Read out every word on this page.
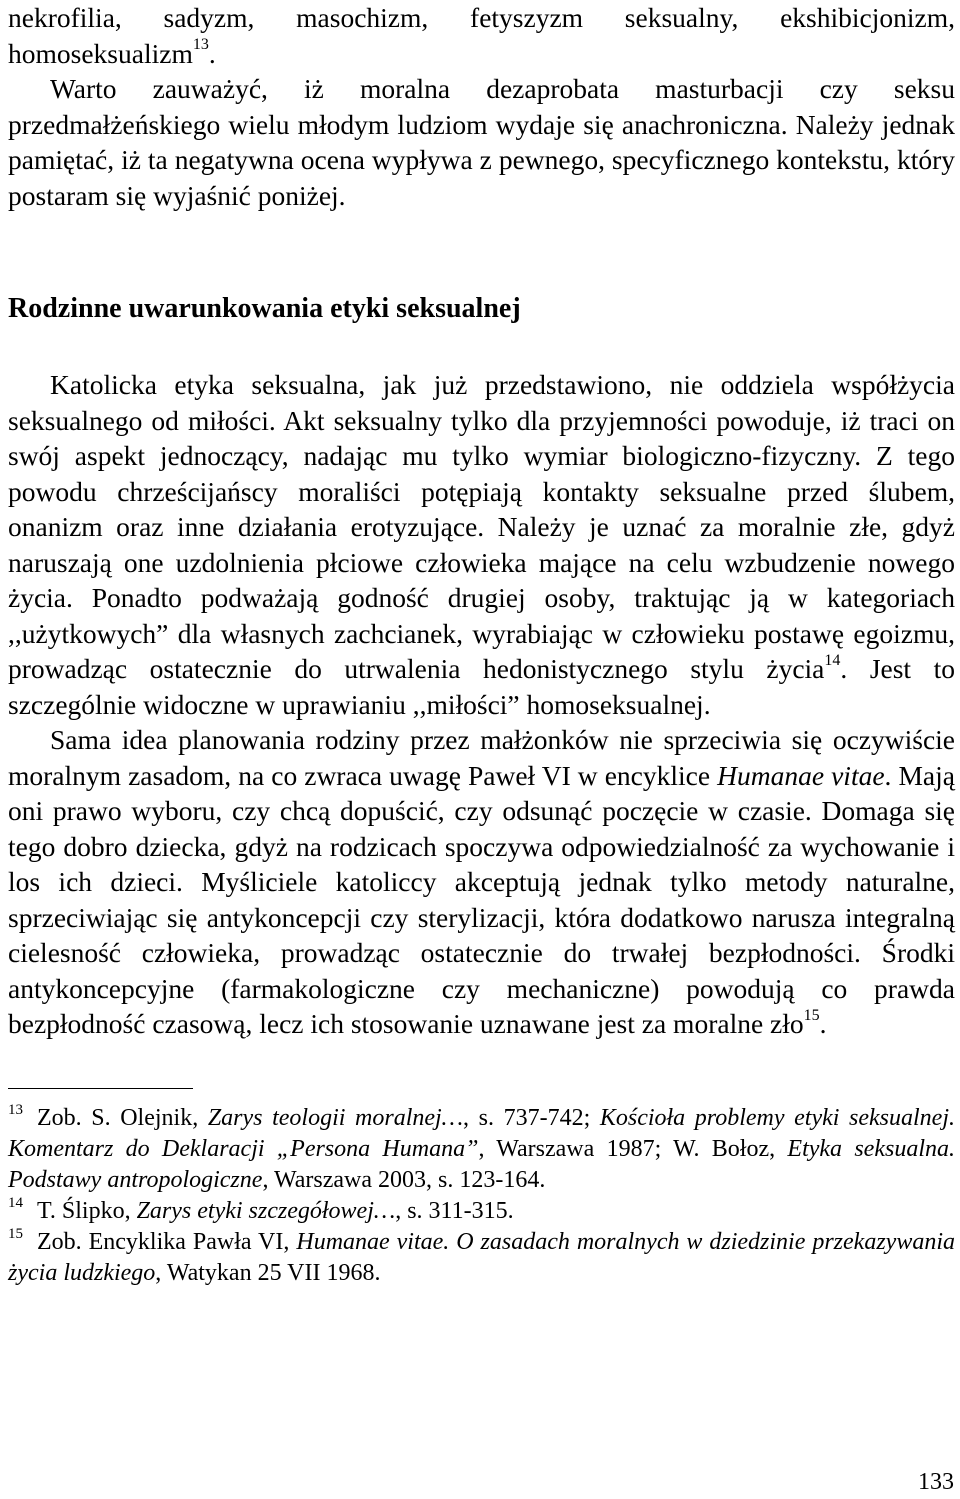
nekrofilia, sadyzm, masochizm, fetyszyzm seksualny, ekshibicjonizm, homoseksualizm$^{13}$.

Warto zauważyć, iż moralna dezaprobata masturbacji czy seksu przedmałżeńskiego wielu młodym ludziom wydaje się anachroniczna. Należy jednak pamiętać, iż ta negatywna ocena wypływa z pewnego, specyficznego kontekstu, który postaram się wyjaśnić poniżej.

Rodzinne uwarunkowania etyki seksualnej

Katolicka etyka seksualna, jak już przedstawiono, nie oddziela współżycia seksualnego od miłości. Akt seksualny tylko dla przyjemności powoduje, iż traci on swój aspekt jednoczący, nadając mu tylko wymiar biologiczno-fizyczny. Z tego powodu chrześcijańscy moraliści potępiają kontakty seksualne przed ślubem, onanizm oraz inne działania erotyzujące. Należy je uznać za moralnie złe, gdyż naruszają one uzdolnienia płciowe człowieka mające na celu wzbudzenie nowego życia. Ponadto podważają godność drugiej osoby, traktując ją w kategoriach ,,użytkowych” dla własnych zachcianek, wyrabiając w człowieku postawę egoizmu, prowadząc ostatecznie do utrwalenia hedonistycznego stylu życia$^{14}$. Jest to szczególnie widoczne w uprawianiu ,,miłości” homoseksualnej.

Sama idea planowania rodziny przez małżonków nie sprzeciwia się oczywiście moralnym zasadom, na co zwraca uwagę Paweł VI w encyklice Humanae vitae. Mają oni prawo wyboru, czy chcą dopuścić, czy odsunąć poczęcie w czasie. Domaga się tego dobro dziecka, gdyż na rodzicach spoczywa odpowiedzialność za wychowanie i los ich dzieci. Myśliciele katoliccy akceptują jednak tylko metody naturalne, sprzeciwiając się antykoncepcji czy sterylizacji, która dodatkowo narusza integralną cielesność człowieka, prowadząc ostatecznie do trwałej bezpłodności. Środki antykoncepcyjne (farmakologiczne czy mechaniczne) powodują co prawda bezpłodność czasową, lecz ich stosowanie uznawane jest za moralne zło$^{15}$.

$^{13}$ Zob. S. Olejnik, Zarys teologii moralnej…, s. 737-742; Kościoła problemy etyki seksualnej. Komentarz do Deklaracji „Persona Humana”, Warszawa 1987; W. Bołoz, Etyka seksualna. Podstawy antropologiczne, Warszawa 2003, s. 123-164.

$^{14}$ T. Ślipko, Zarys etyki szczegółowej…, s. 311-315.

$^{15}$ Zob. Encyklika Pawła VI, Humanae vitae. O zasadach moralnych w dziedzinie przekazywania życia ludzkiego, Watykan 25 VII 1968.

133
